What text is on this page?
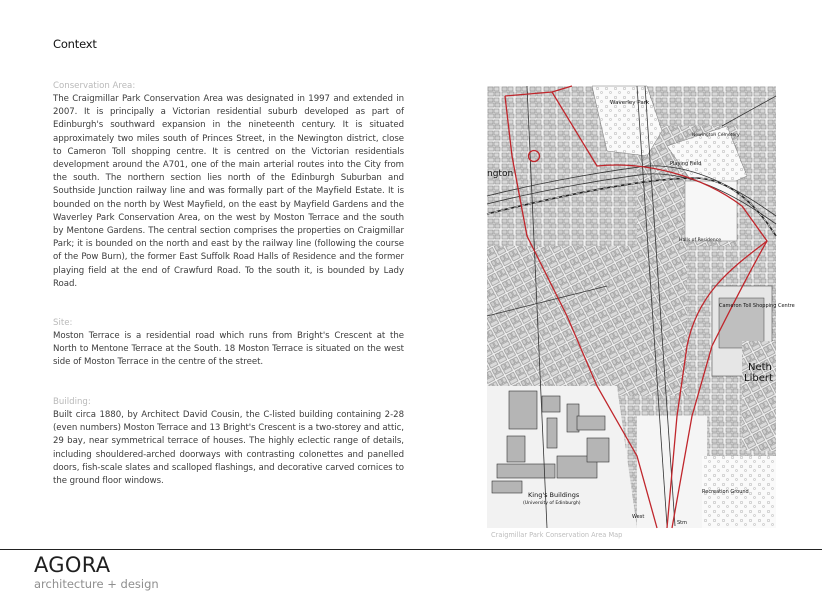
Context
Conservation Area:
The Craigmillar Park Conservation Area was designated in 1997 and extended in 2007. It is principally a Victorian residential suburb developed as part of Edinburgh's southward expansion in the nineteenth century. It is situated approximately two miles south of Princes Street, in the Newington district, close to Cameron Toll shopping centre. It is centred on the Victorian residentials development around the A701, one of the main arterial routes into the City from the south. The northern section lies north of the Edinburgh Suburban and Southside Junction railway line and was formally part of the Mayfield Estate. It is bounded on the north by West Mayfield, on the east by Mayfield Gardens and the Waverley Park Conservation Area, on the west by Moston Terrace and the south by Mentone Gardens. The central section comprises the properties on Craigmillar Park; it is bounded on the north and east by the railway line (following the course of the Pow Burn), the former East Suffolk Road Halls of Residence and the former playing field at the end of Crawfurd Road. To the south it, is bounded by Lady Road.
Site:
Moston Terrace is a residential road which runs from Bright's Crescent at the North to Mentone Terrace at the South. 18 Moston Terrace is situated on the west side of Moston Terrace in the centre of the street.
Building:
Built circa 1880, by Architect David Cousin, the C-listed building containing 2-28 (even numbers) Moston Terrace and 13 Bright's Crescent is a two-storey and attic, 29 bay, near symmetrical terrace of houses. The highly eclectic range of details, including shouldered-arched doorways with contrasting colonettes and panelled doors, fish-scale slates and scalloped flashings, and decorative carved cornices to the ground floor windows.
Waverley Park
ngton
Newington Cemetery
Playing Field
Halls of Residence
Cameron Toll Shopping Centre
Neth
Libert
King's Buildings
(University of Edinburgh)
Recreation Ground
West
Stm
Craigmillar Park Conservation Area Map
AGORA
architecture + design
